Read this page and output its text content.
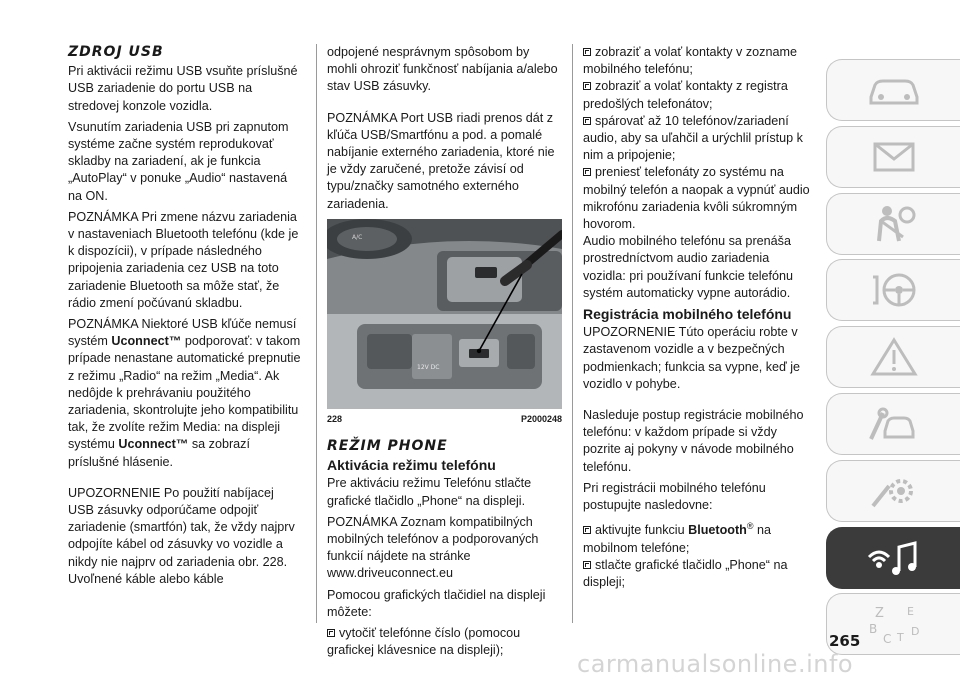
ZDROJ USB

Pri aktivácii režimu USB vsuňte príslušné USB zariadenie do portu USB na stredovej konzole vozidla.

Vsunutím zariadenia USB pri zapnutom systéme začne systém reprodukovať skladby na zariadení, ak je funkcia „AutoPlay“ v ponuke „Audio“ nastavená na ON.

POZNÁMKA Pri zmene názvu zariadenia v nastaveniach Bluetooth telefónu (kde je k dispozícii), v prípade následného pripojenia zariadenia cez USB na toto zariadenie Bluetooth sa môže stať, že rádio zmení počúvanú skladbu.

POZNÁMKA Niektoré USB kľúče nemusí systém Uconnect™ podporovať: v takom prípade nenastane automatické prepnutie z režimu „Radio“ na režim „Media“. Ak nedôjde k prehrávaniu použitého zariadenia, skontrolujte jeho kompatibilitu tak, že zvolíte režim Media: na displeji systému Uconnect™ sa zobrazí príslušné hlásenie.

UPOZORNENIE Po použití nabíjacej USB zásuvky odporúčame odpojiť zariadenie (smartfón) tak, že vždy najprv odpojíte kábel od zásuvky vo vozidle a nikdy nie najprv od zariadenia obr. 228. Uvoľnené káble alebo káble

odpojené nesprávnym spôsobom by mohli ohroziť funkčnosť nabíjania a/alebo stav USB zásuvky.

POZNÁMKA Port USB riadi prenos dát z kľúča USB/Smartfónu a pod. a pomalé nabíjanie externého zariadenia, ktoré nie je vždy zaručené, pretože závisí od typu/značky samotného externého zariadenia.

A/C
12V DC
228	P2000248
REŽIM PHONE
Aktivácia režimu telefónu

Pre aktiváciu režimu Telefónu stlačte grafické tlačidlo „Phone“ na displeji.

POZNÁMKA Zoznam kompatibilných mobilných telefónov a podporovaných funkcií nájdete na stránke www.driveuconnect.eu

Pomocou grafických tlačidiel na displeji môžete:

vytočiť telefónne číslo (pomocou grafickej klávesnice na displeji);
zobraziť a volať kontakty v zozname mobilného telefónu;
zobraziť a volať kontakty z registra predošlých telefonátov;
spárovať až 10 telefónov/zariadení audio, aby sa uľahčil a urýchlil prístup k nim a pripojenie;
preniesť telefonáty zo systému na mobilný telefón a naopak a vypnúť audio mikrofónu zariadenia kvôli súkromným hovorom.

Audio mobilného telefónu sa prenáša prostredníctvom audio zariadenia vozidla: pri používaní funkcie telefónu systém automaticky vypne autorádio.

Registrácia mobilného telefónu

UPOZORNENIE Túto operáciu robte v zastavenom vozidle a v bezpečných podmienkach; funkcia sa vypne, keď je vozidlo v pohybe.

Nasleduje postup registrácie mobilného telefónu: v každom prípade si vždy pozrite aj pokyny v návode mobilného telefónu.

Pri registrácii mobilného telefónu postupujte nasledovne:

aktivujte funkciu Bluetooth® na mobilnom telefóne;
stlačte grafické tlačidlo „Phone“ na displeji;
Z E
B
C T D
265
carmanualsonline.info
